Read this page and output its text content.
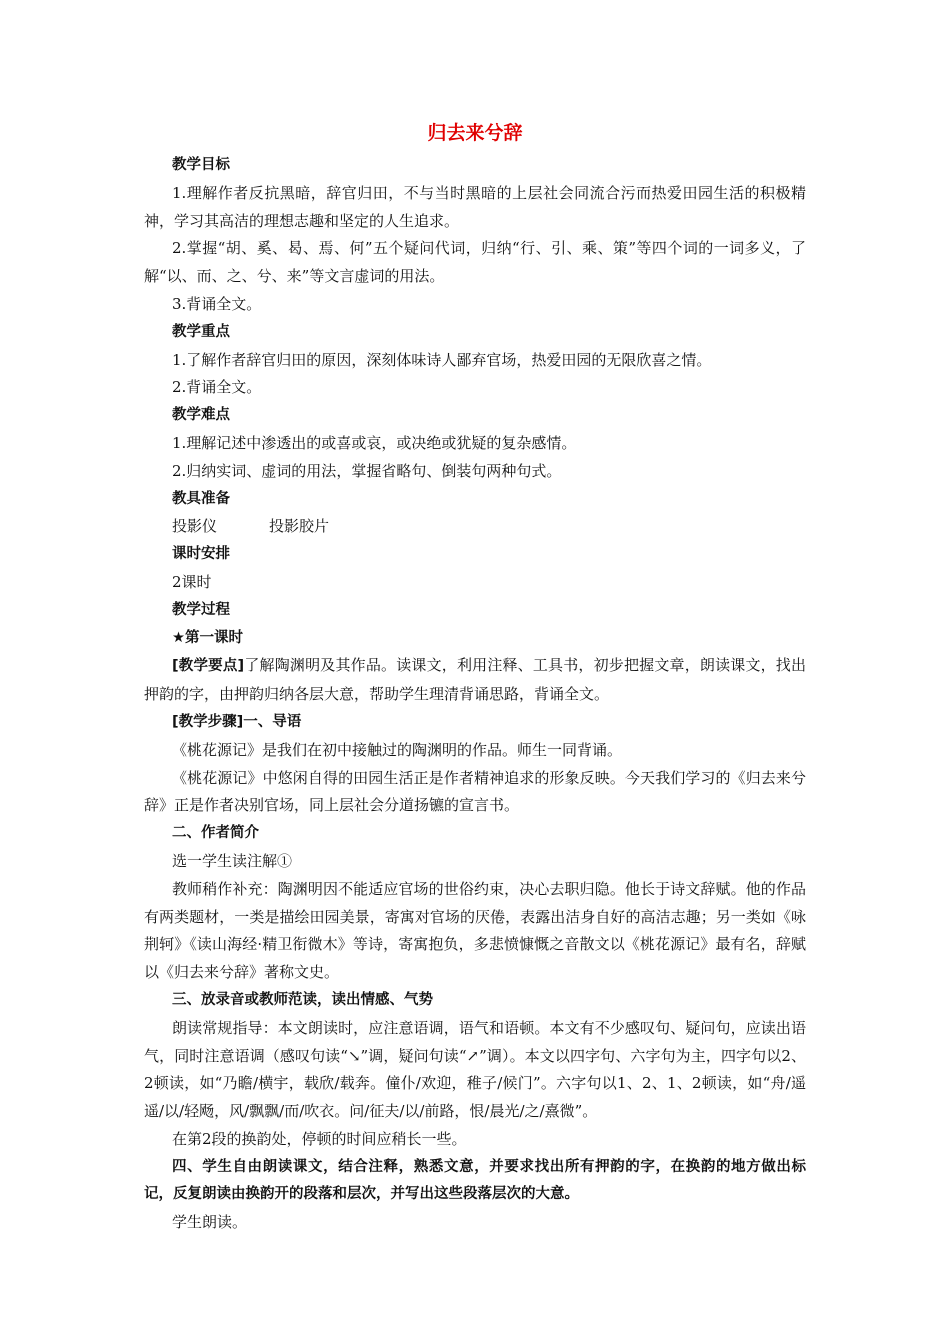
归去来兮辞
教学目标
1.理解作者反抗黑暗，辞官归田，不与当时黑暗的上层社会同流合污而热爱田园生活的积极精神，学习其高洁的理想志趣和坚定的人生追求。
2.掌握“胡、奚、曷、焉、何”五个疑问代词，归纳“行、引、乘、策”等四个词的一词多义，了解“以、而、之、兮、来”等文言虚词的用法。
3.背诵全文。
教学重点
1.了解作者辞官归田的原因，深刻体味诗人鄙弃官场，热爱田园的无限欣喜之情。
2.背诵全文。
教学难点
1.理解记述中渗透出的或喜或哀，或决绝或犹疑的复杂感情。
2.归纳实词、虚词的用法，掌握省略句、倒装句两种句式。
教具准备
投影仪	投影胶片
课时安排
2课时
教学过程
★第一课时
[教学要点]了解陶渊明及其作品。读课文，利用注释、工具书，初步把握文章，朗读课文，找出押韵的字，由押韵归纳各层大意，帮助学生理清背诵思路，背诵全文。
[教学步骤]一、导语
《桃花源记》是我们在初中接触过的陶渊明的作品。师生一同背诵。
《桃花源记》中悠闲自得的田园生活正是作者精神追求的形象反映。今天我们学习的《归去来兮辞》正是作者决别官场，同上层社会分道扬镳的宣言书。
二、作者简介
选一学生读注解①
教师稍作补充：陶渊明因不能适应官场的世俗约束，决心去职归隐。他长于诗文辞赋。他的作品有两类题材，一类是描绘田园美景，寄寓对官场的厌倦，表露出洁身自好的高洁志趣；另一类如《咏荆轲》《读山海经·精卫衔微木》等诗，寄寓抱负，多悲愤慷慨之音散文以《桃花源记》最有名，辞赋以《归去来兮辞》著称文史。
三、放录音或教师范读，读出情感、气势
朗读常规指导：本文朗读时，应注意语调，语气和语顿。本文有不少感叹句、疑问句，应读出语气，同时注意语调（感叹句读“↘”调，疑问句读“↗”调）。本文以四字句、六字句为主，四字句以2、2顿读，如“乃瞻/横宇，载欣/载奔。僮仆/欢迎，稚子/候门”。六字句以1、2、1、2顿读，如“舟/遥遥/以/轻飏，风/飘飘/而/吹衣。问/征夫/以/前路，恨/晨光/之/熹微”。
在第2段的换韵处，停顿的时间应稍长一些。
四、学生自由朗读课文，结合注释，熟悉文意，并要求找出所有押韵的字，在换韵的地方做出标记，反复朗读由换韵开的段落和层次，并写出这些段落层次的大意。
学生朗读。
